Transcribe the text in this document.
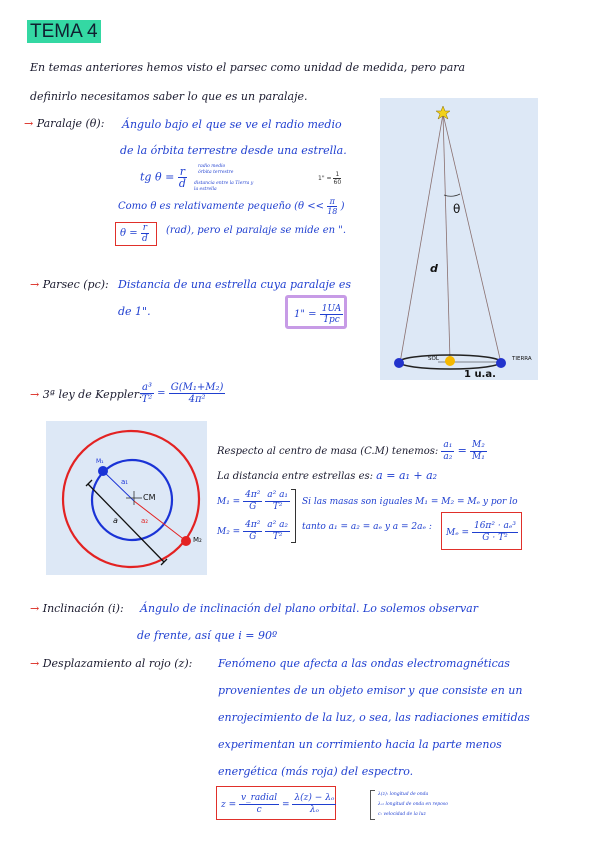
TEMA 4
En temas anteriores hemos visto el parsec como unidad de medida, pero para
definirlo necesitamos saber lo que es un paralaje.
→ Paralaje (θ): Ángulo bajo el que se ve el radio medio
de la órbita terrestre desde una estrella.
tg $\theta = \frac{r}{d}$ radio medio
órbita terrestre
distancia entre la Tierra y
la estrella
1" = $\frac{1}{60}$
Como θ es relativamente pequeño ($\theta << \frac{\pi}{18}$ )
$\theta = \frac{r}{d} (rad)$, pero el paralaje se mide en ".
θ
d
SOL	TIERRA
1 u.a.
→ Parsec (pc): Distancia de una estrella cuya paralaje es
de 1".	1" = $\frac{1UA}{1pc}$
→ 3ª ley de Keppler:
$\frac{\text{a³}}{\text{T²}} = \frac{\text{G(M₁+M₂)}}{\text{4π²}}$
M₁
a₁
CM
a	a₂
M₂
Respecto al centro de masa (C.M) tenemos: $\frac{\text{a₁}}{\text{a₂}} = \frac{\text{M₂}}{\text{M₁}}$
La distancia entre estrellas es: a = a₁ + a₂
$M_1 = \frac{\text{4π²}}{G}$
$\frac{\text{a² a₁}}{\text{T²}}$
$M_2 = \frac{\text{4π²}}{G}$
$\frac{\text{a² a₂}}{\text{T²}}$
Si las masas son iguales M₁ = M₂ = Mₑ y por lo
tanto a₁ = a₂ = aₑ y a = 2aₑ :
$M_e = \frac{\text{16π² · aₑ³}}{\text{G · T²}}$
→ Inclinación (i): Ángulo de inclinación del plano orbital. Lo solemos observar
de frente, así que i = 90º
→ Desplazamiento al rojo (z): Fenómeno que afecta a las ondas electromagnéticas
provenientes de un objeto emisor y que consiste en un
enrojecimiento de la luz, o sea, las radiaciones emitidas
experimentan un corrimiento hacia la parte menos
energética (más roja) del espectro.
$z = \frac{\text{v\_radial}}{c} = \frac{\text{λ(z) − λₒ}}{\text{λₒ}}$	λ(z): longitud de onda
λₒ: longitud de onda en reposo
c: velocidad de la luz
